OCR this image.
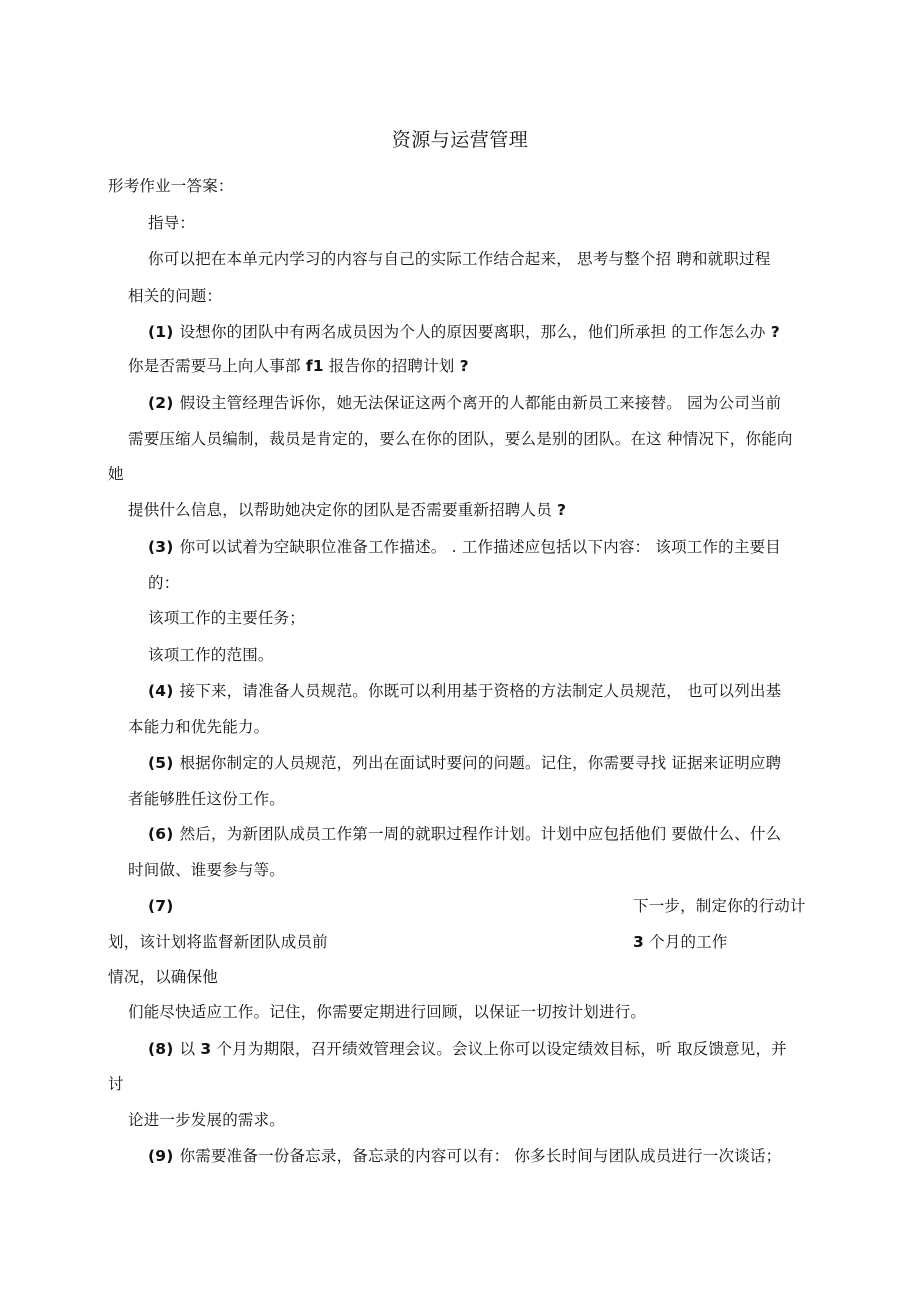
资源与运营管理
形考作业一答案：
指导：
你可以把在本单元内学习的内容与自己的实际工作结合起来， 思考与整个招 聘和就职过程
相关的问题：
(1) 设想你的团队中有两名成员因为个人的原因要离职，那么，他们所承担 的工作怎么办 ?
你是否需要马上向人事部 f1 报告你的招聘计划 ?
(2) 假设主管经理告诉你，她无法保证这两个离开的人都能由新员工来接替。 园为公司当前
需要压缩人员编制，裁员是肯定的，要么在你的团队，要么是别的团队。在这 种情况下，你能向
她
提供什么信息，以帮助她决定你的团队是否需要重新招聘人员 ?
(3) 你可以试着为空缺职位准备工作描述。 . 工作描述应包括以下内容： 该项工作的主要目
的：
该项工作的主要任务；
该项工作的范围。
(4) 接下来，请准备人员规范。你既可以利用基于资格的方法制定人员规范， 也可以列出基
本能力和优先能力。
(5) 根据你制定的人员规范，列出在面试时要问的问题。记住，你需要寻找 证据来证明应聘
者能够胜任这份工作。
(6) 然后，为新团队成员工作第一周的就职过程作计划。计划中应包括他们 要做什么、什么
时间做、谁要参与等。
(7)	下一步，制定你的行动计
划，该计划将监督新团队成员前	3 个月的工作
情况，以确保他
们能尽快适应工作。记住，你需要定期进行回顾，以保证一切按计划进行。
(8) 以 3 个月为期限，召开绩效管理会议。会议上你可以设定绩效目标，听 取反馈意见，并
讨
论进一步发展的需求。
(9) 你需要准备一份备忘录，备忘录的内容可以有： 你多长时间与团队成员进行一次谈话；
